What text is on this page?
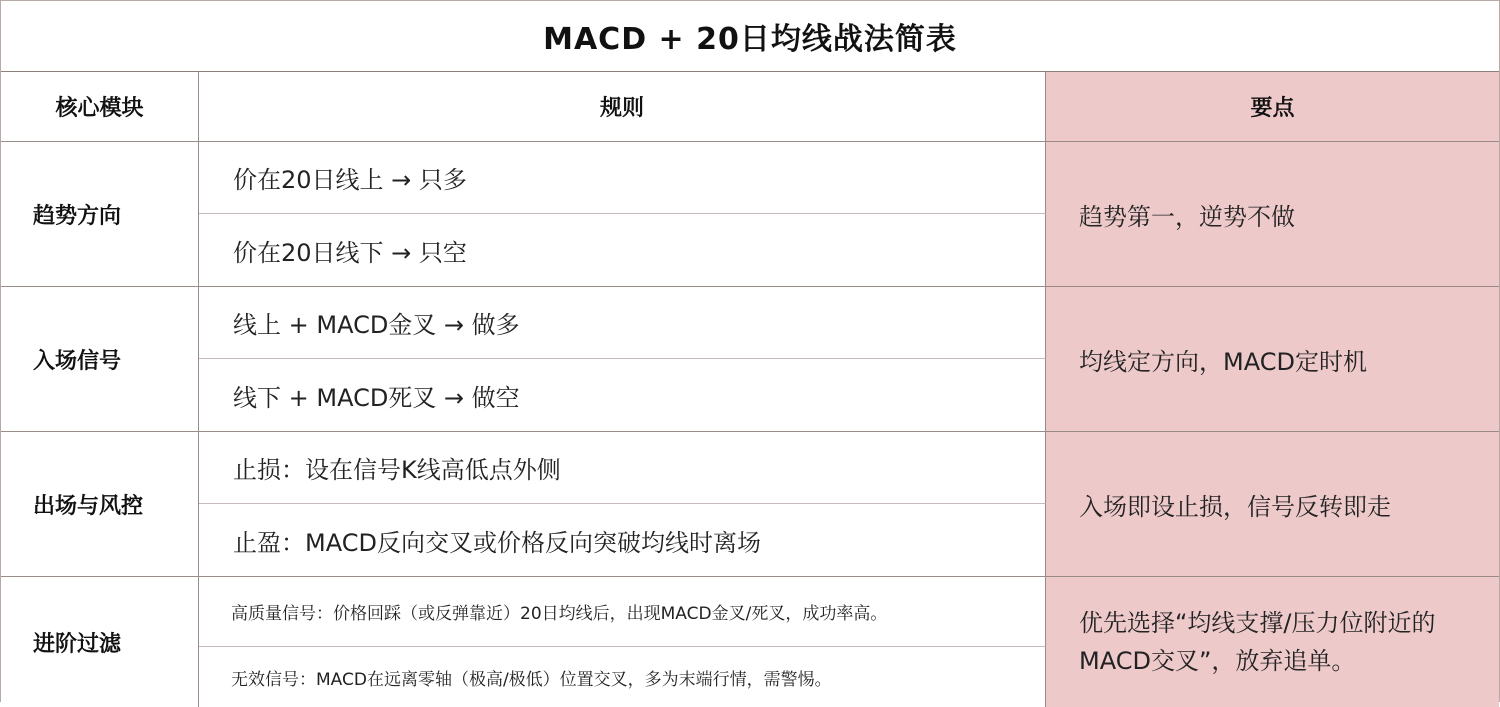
MACD + 20日均线战法简表
核心模块	规则	要点
趋势方向
价在20日线上 → 只多
价在20日线下 → 只空
趋势第一，逆势不做
入场信号
线上 + MACD金叉 → 做多
线下 + MACD死叉 → 做空
均线定方向，MACD定时机
出场与风控
止损：设在信号K线高低点外侧
止盈：MACD反向交叉或价格反向突破均线时离场
入场即设止损，信号反转即走
进阶过滤
高质量信号：价格回踩（或反弹靠近）20日均线后，出现MACD金叉/死叉，成功率高。
无效信号：MACD在远离零轴（极高/极低）位置交叉，多为末端行情，需警惕。
优先选择“均线支撑/压力位附近的MACD交叉”，放弃追单。
